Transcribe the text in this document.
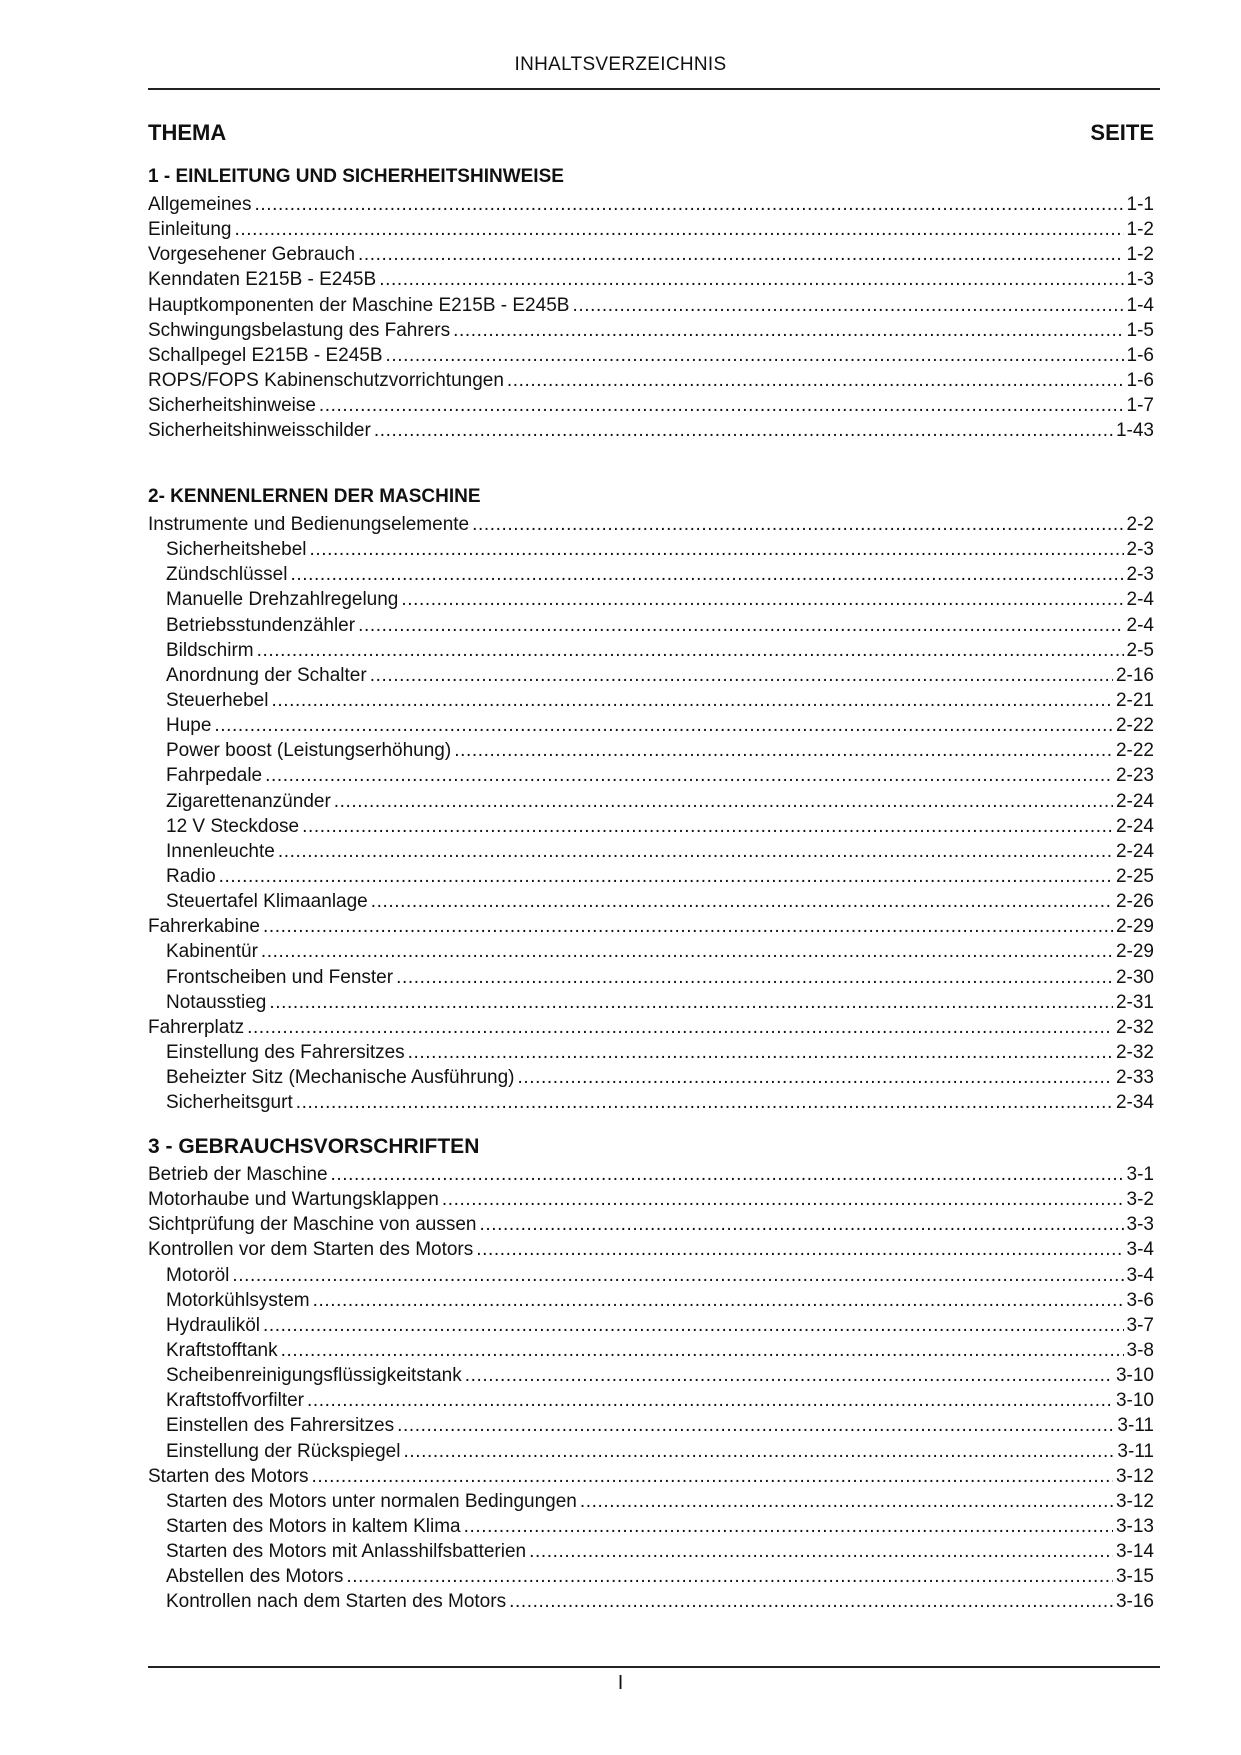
INHALTSVERZEICHNIS
THEMA	SEITE
1 - EINLEITUNG UND SICHERHEITSHINWEISE
Allgemeines .....	1-1
Einleitung .....	1-2
Vorgesehener Gebrauch .....	1-2
Kenndaten E215B - E245B .....	1-3
Hauptkomponenten der Maschine E215B - E245B .....	1-4
Schwingungsbelastung des Fahrers .....	1-5
Schallpegel E215B - E245B .....	1-6
ROPS/FOPS Kabinenschutzvorrichtungen .....	1-6
Sicherheitshinweise .....	1-7
Sicherheitshinweisschilder .....	1-43
2- KENNENLERNEN DER MASCHINE
Instrumente und Bedienungselemente .....	2-2
Sicherheitshebel .....	2-3
Zündschlüssel .....	2-3
Manuelle Drehzahlregelung .....	2-4
Betriebsstundenzähler .....	2-4
Bildschirm .....	2-5
Anordnung der Schalter .....	2-16
Steuerhebel .....	2-21
Hupe .....	2-22
Power boost (Leistungserhöhung) .....	2-22
Fahrpedale .....	2-23
Zigarettenanzünder .....	2-24
12 V Steckdose .....	2-24
Innenleuchte .....	2-24
Radio .....	2-25
Steuertafel Klimaanlage .....	2-26
Fahrerkabine .....	2-29
Kabinentür .....	2-29
Frontscheiben und Fenster .....	2-30
Notausstieg .....	2-31
Fahrerplatz .....	2-32
Einstellung des Fahrersitzes .....	2-32
Beheizter Sitz (Mechanische Ausführung) .....	2-33
Sicherheitsgurt .....	2-34
3 - GEBRAUCHSVORSCHRIFTEN
Betrieb der Maschine .....	3-1
Motorhaube und Wartungsklappen .....	3-2
Sichtprüfung der Maschine von aussen .....	3-3
Kontrollen vor dem Starten des Motors .....	3-4
Motoröl .....	3-4
Motorkühlsystem .....	3-6
Hydrauliköl .....	3-7
Kraftstofftank .....	3-8
Scheibenreinigungsflüssigkeitstank .....	3-10
Kraftstoffvorfilter .....	3-10
Einstellen des Fahrersitzes .....	3-11
Einstellung der Rückspiegel .....	3-11
Starten des Motors .....	3-12
Starten des Motors unter normalen Bedingungen .....	3-12
Starten des Motors in kaltem Klima .....	3-13
Starten des Motors mit Anlasshilfsbatterien .....	3-14
Abstellen des Motors .....	3-15
Kontrollen nach dem Starten des Motors .....	3-16
I
